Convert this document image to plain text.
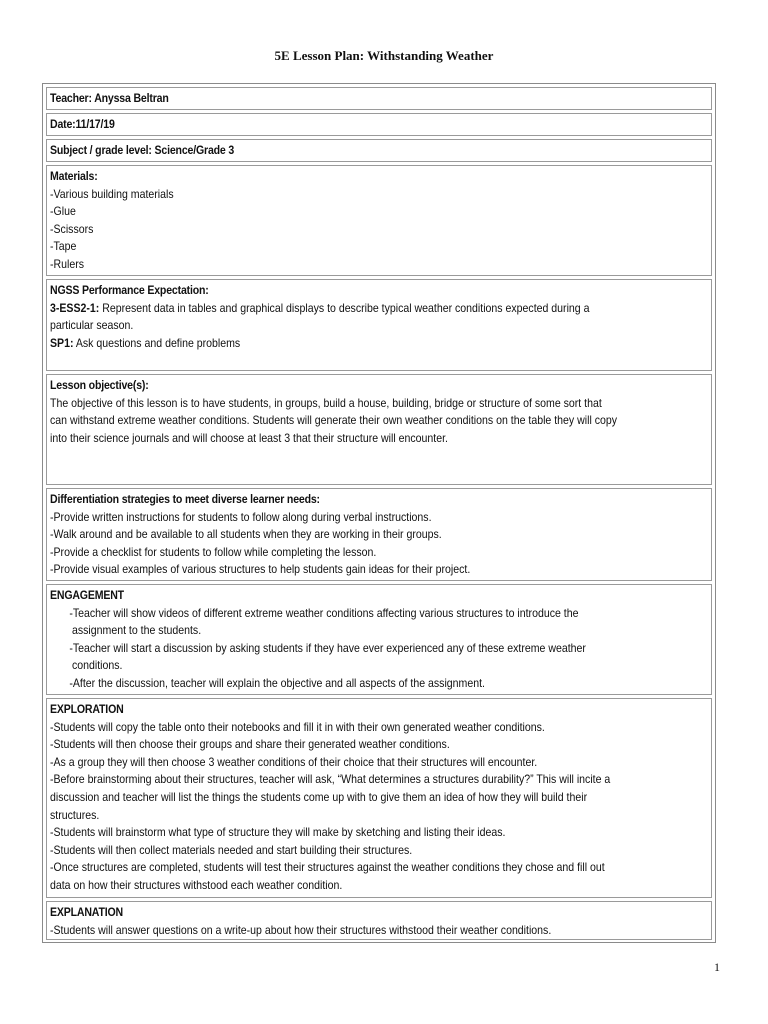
5E Lesson Plan: Withstanding Weather
Teacher: Anyssa Beltran
Date:11/17/19
Subject / grade level: Science/Grade 3
Materials:
-Various building materials
-Glue
-Scissors
-Tape
-Rulers
NGSS Performance Expectation:
3-ESS2-1: Represent data in tables and graphical displays to describe typical weather conditions expected during a
particular season.
SP1: Ask questions and define problems
Lesson objective(s):
The objective of this lesson is to have students, in groups, build a house, building, bridge or structure of some sort that
can withstand extreme weather conditions. Students will generate their own weather conditions on the table they will copy
into their science journals and will choose at least 3 that their structure will encounter.
Differentiation strategies to meet diverse learner needs:
-Provide written instructions for students to follow along during verbal instructions.
-Walk around and be available to all students when they are working in their groups.
-Provide a checklist for students to follow while completing the lesson.
-Provide visual examples of various structures to help students gain ideas for their project.
ENGAGEMENT
-Teacher will show videos of different extreme weather conditions affecting various structures to introduce the
assignment to the students.
-Teacher will start a discussion by asking students if they have ever experienced any of these extreme weather
conditions.
-After the discussion, teacher will explain the objective and all aspects of the assignment.
EXPLORATION
-Students will copy the table onto their notebooks and fill it in with their own generated weather conditions.
-Students will then choose their groups and share their generated weather conditions.
-As a group they will then choose 3 weather conditions of their choice that their structures will encounter.
-Before brainstorming about their structures, teacher will ask, “What determines a structures durability?” This will incite a
discussion and teacher will list the things the students come up with to give them an idea of how they will build their
structures.
-Students will brainstorm what type of structure they will make by sketching and listing their ideas.
-Students will then collect materials needed and start building their structures.
-Once structures are completed, students will test their structures against the weather conditions they chose and fill out
data on how their structures withstood each weather condition.
EXPLANATION
-Students will answer questions on a write-up about how their structures withstood their weather conditions.
1
